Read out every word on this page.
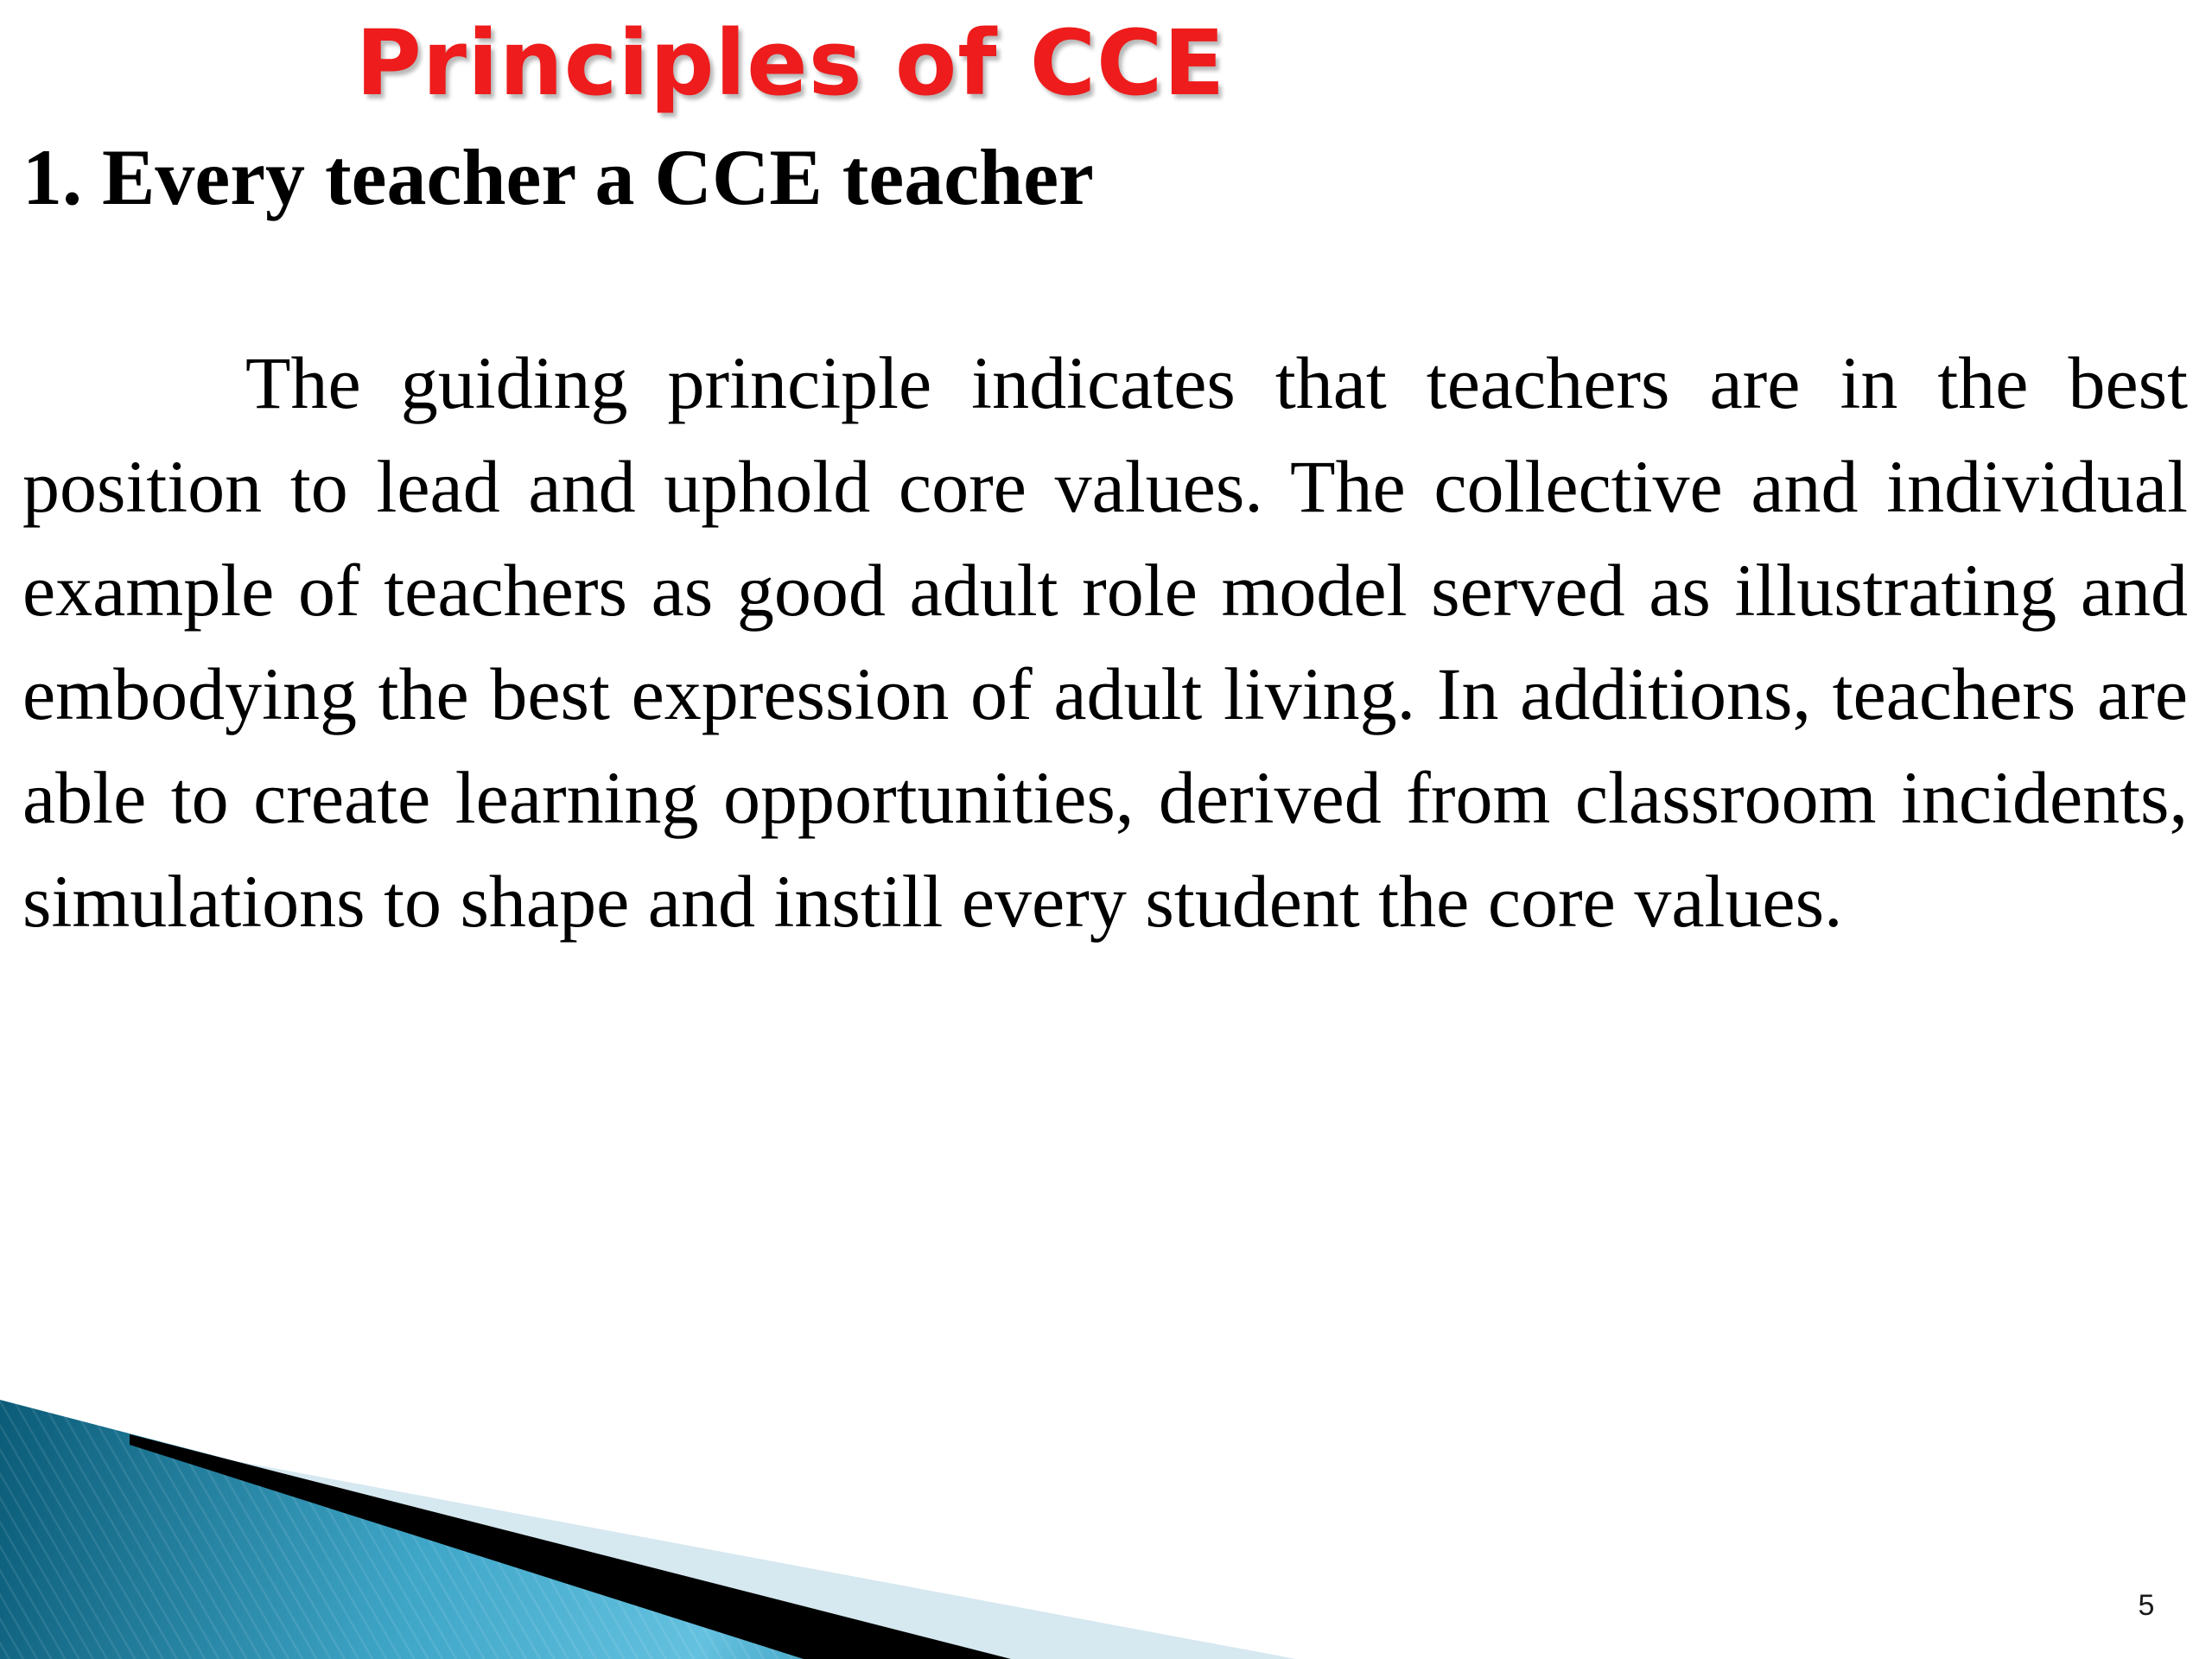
Principles of CCE
1. Every teacher a CCE teacher

The guiding principle indicates that teachers are in the best position to lead and uphold core values. The collective and individual example of teachers as good adult role model served as illustrating and embodying the best expression of adult living. In additions, teachers are able to create learning opportunities, derived from classroom incidents, simulations to shape and instill every student the core values.

5
